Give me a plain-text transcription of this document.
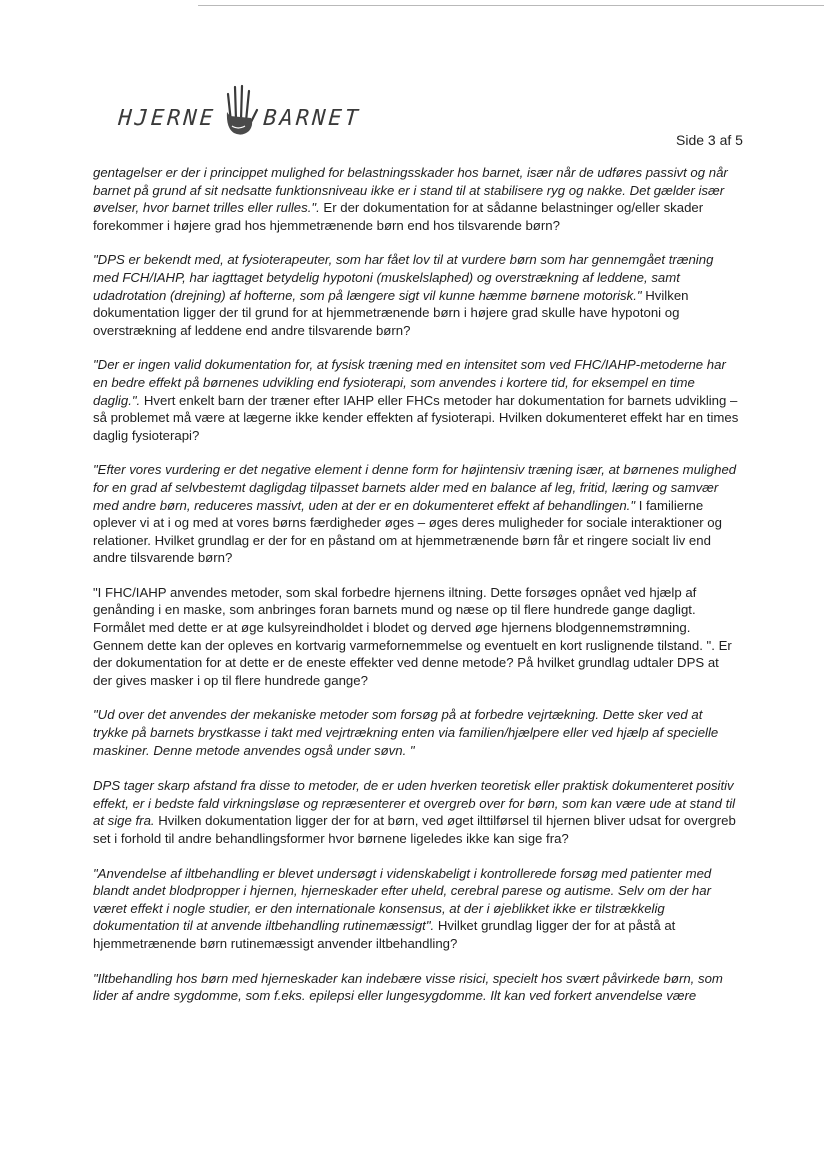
HJERNE BARNET
Side 3 af 5

gentagelser er der i princippet mulighed for belastningsskader hos barnet, især når de udføres passivt og når barnet på grund af sit nedsatte funktionsniveau ikke er i stand til at stabilisere ryg og nakke. Det gælder især øvelser, hvor barnet trilles eller rulles.". Er der dokumentation for at sådanne belastninger og/eller skader forekommer i højere grad hos hjemmetrænende børn end hos tilsvarende børn?

"DPS er bekendt med, at fysioterapeuter, som har fået lov til at vurdere børn som har gennemgået træning med FCH/IAHP, har iagttaget betydelig hypotoni (muskelslaphed) og overstrækning af leddene, samt udadrotation (drejning) af hofterne, som på længere sigt vil kunne hæmme børnene motorisk." Hvilken dokumentation ligger der til grund for at hjemmetrænende børn i højere grad skulle have hypotoni og overstrækning af leddene end andre tilsvarende børn?

"Der er ingen valid dokumentation for, at fysisk træning med en intensitet som ved FHC/IAHP-metoderne har en bedre effekt på børnenes udvikling end fysioterapi, som anvendes i kortere tid, for eksempel en time daglig.". Hvert enkelt barn der træner efter IAHP eller FHCs metoder har dokumentation for barnets udvikling – så problemet må være at lægerne ikke kender effekten af fysioterapi. Hvilken dokumenteret effekt har en times daglig fysioterapi?

"Efter vores vurdering er det negative element i denne form for højintensiv træning især, at børnenes mulighed for en grad af selvbestemt dagligdag tilpasset barnets alder med en balance af leg, fritid, læring og samvær med andre børn, reduceres massivt, uden at der er en dokumenteret effekt af behandlingen." I familierne oplever vi at i og med at vores børns færdigheder øges – øges deres muligheder for sociale interaktioner og relationer. Hvilket grundlag er der for en påstand om at hjemmetrænende børn får et ringere socialt liv end andre tilsvarende børn?

"I FHC/IAHP anvendes metoder, som skal forbedre hjernens iltning. Dette forsøges opnået ved hjælp af genånding i en maske, som anbringes foran barnets mund og næse op til flere hundrede gange dagligt. Formålet med dette er at øge kulsyreindholdet i blodet og derved øge hjernens blodgennemstrømning. Gennem dette kan der opleves en kortvarig varmefornemmelse og eventuelt en kort ruslignende tilstand. ". Er der dokumentation for at dette er de eneste effekter ved denne metode? På hvilket grundlag udtaler DPS at der gives masker i op til flere hundrede gange?

"Ud over det anvendes der mekaniske metoder som forsøg på at forbedre vejrtækning. Dette sker ved at trykke på barnets brystkasse i takt med vejrtrækning enten via familien/hjælpere eller ved hjælp af specielle maskiner. Denne metode anvendes også under søvn. "

DPS tager skarp afstand fra disse to metoder, de er uden hverken teoretisk eller praktisk dokumenteret positiv effekt, er i bedste fald virkningsløse og repræsenterer et overgreb over for børn, som kan være ude at stand til at sige fra. Hvilken dokumentation ligger der for at børn, ved øget ilttilførsel til hjernen bliver udsat for overgreb set i forhold til andre behandlingsformer hvor børnene ligeledes ikke kan sige fra?

"Anvendelse af iltbehandling er blevet undersøgt i videnskabeligt i kontrollerede forsøg med patienter med blandt andet blodpropper i hjernen, hjerneskader efter uheld, cerebral parese og autisme. Selv om der har været effekt i nogle studier, er den internationale konsensus, at der i øjeblikket ikke er tilstrækkelig dokumentation til at anvende iltbehandling rutinemæssigt". Hvilket grundlag ligger der for at påstå at hjemmetrænende børn rutinemæssigt anvender iltbehandling?

"Iltbehandling hos børn med hjerneskader kan indebære visse risici, specielt hos svært påvirkede børn, som lider af andre sygdomme, som f.eks. epilepsi eller lungesygdomme. Ilt kan ved forkert anvendelse være
